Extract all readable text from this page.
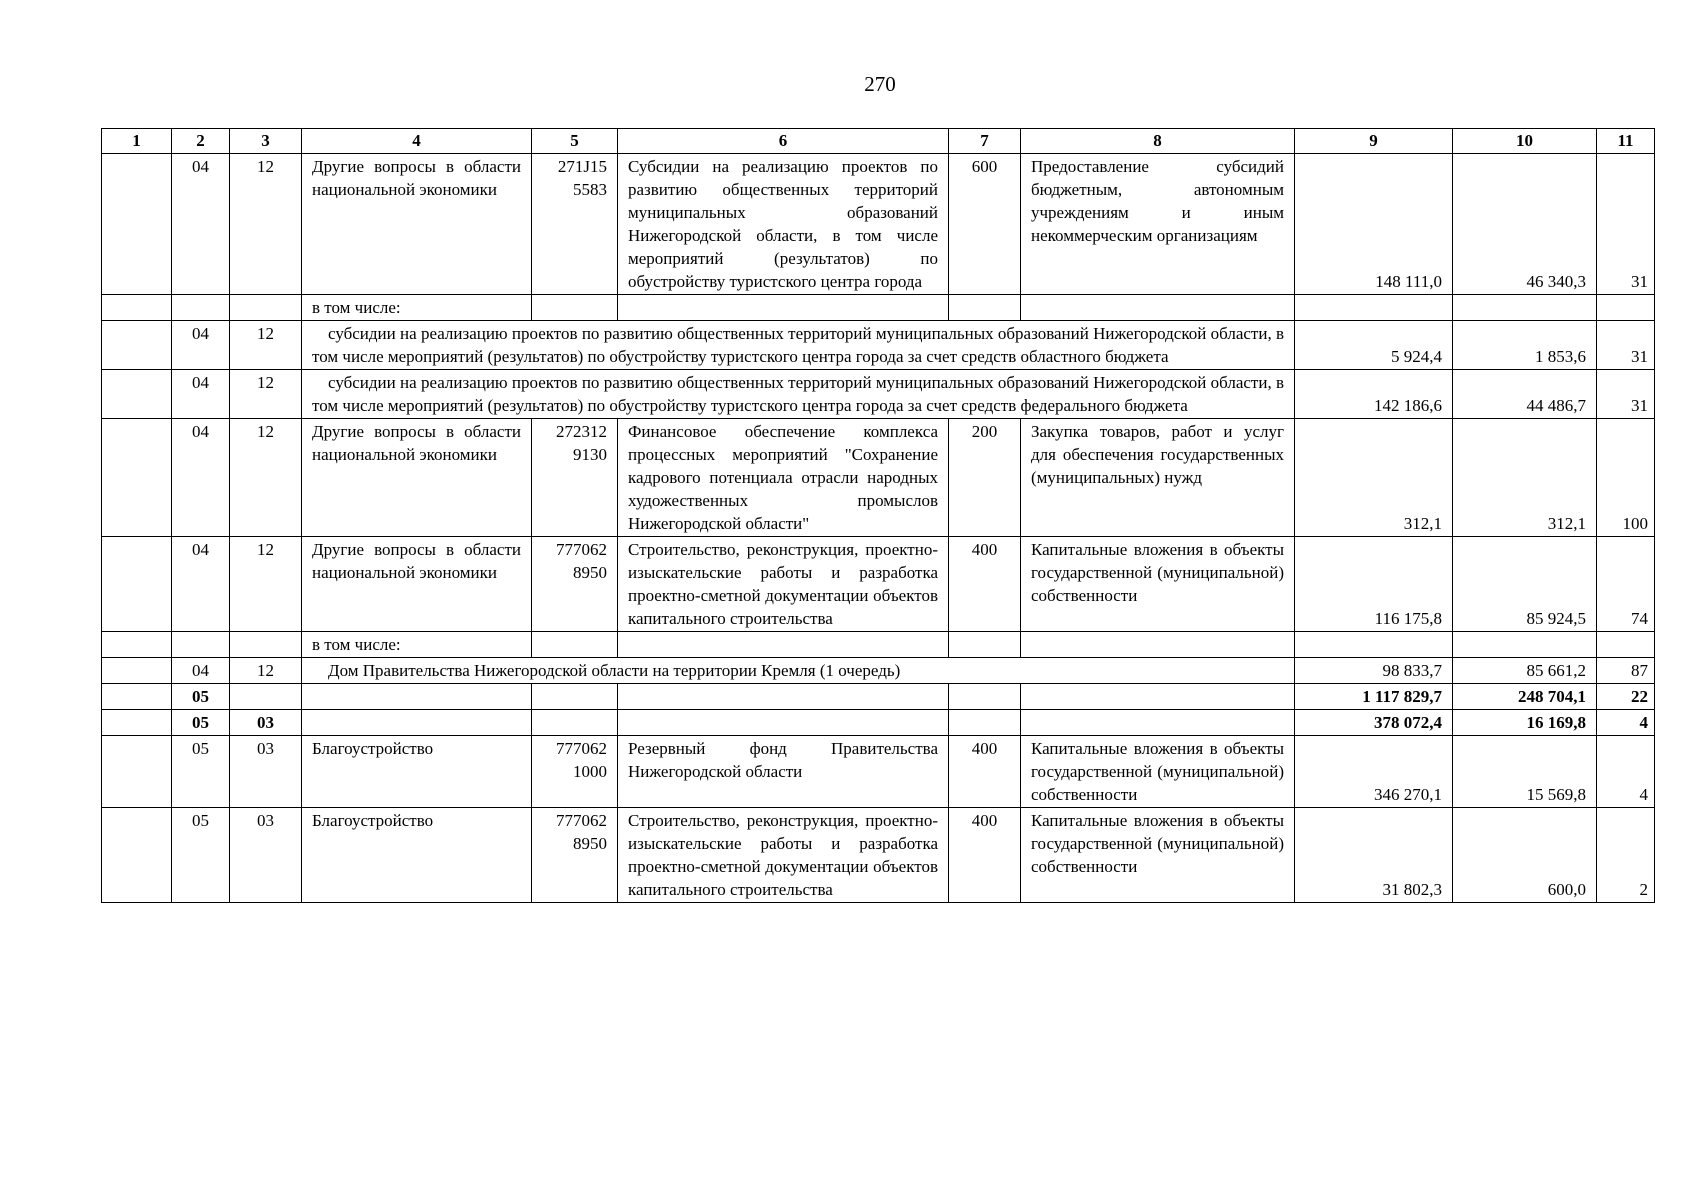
270
1	2	3	4	5	6	7	8	9	10	11
	04	12	Другие вопросы в области национальной экономики	271J15 5583	Субсидии на реализацию проектов по развитию общественных территорий муниципальных образований Нижегородской области, в том числе мероприятий (результатов) по обустройству туристского центра города	600	Предоставление субсидий бюджетным, автономным учреждениям и иным некоммерческим организациям	148 111,0	46 340,3	31
			в том числе:							
	04	12	субсидии на реализацию проектов по развитию общественных территорий муниципальных образований Нижегородской области, в том числе мероприятий (результатов) по обустройству туристского центра города за счет средств областного бюджета					5 924,4	1 853,6	31
	04	12	субсидии на реализацию проектов по развитию общественных территорий муниципальных образований Нижегородской области, в том числе мероприятий (результатов) по обустройству туристского центра города за счет средств федерального бюджета					142 186,6	44 486,7	31
	04	12	Другие вопросы в области национальной экономики	272312 9130	Финансовое обеспечение комплекса процессных мероприятий "Сохранение кадрового потенциала отрасли народных художественных промыслов Нижегородской области"	200	Закупка товаров, работ и услуг для обеспечения государственных (муниципальных) нужд	312,1	312,1	100
	04	12	Другие вопросы в области национальной экономики	777062 8950	Строительство, реконструкция, проектно-изыскательские работы и разработка проектно-сметной документации объектов капитального строительства	400	Капитальные вложения в объекты государственной (муниципальной) собственности	116 175,8	85 924,5	74
			в том числе:							
	04	12	Дом Правительства Нижегородской области на территории Кремля (1 очередь)					98 833,7	85 661,2	87
	05							1 117 829,7	248 704,1	22
	05	03						378 072,4	16 169,8	4
	05	03	Благоустройство	777062 1000	Резервный фонд Правительства Нижегородской области	400	Капитальные вложения в объекты государственной (муниципальной) собственности	346 270,1	15 569,8	4
	05	03	Благоустройство	777062 8950	Строительство, реконструкция, проектно-изыскательские работы и разработка проектно-сметной документации объектов капитального строительства	400	Капитальные вложения в объекты государственной (муниципальной) собственности	31 802,3	600,0	2
